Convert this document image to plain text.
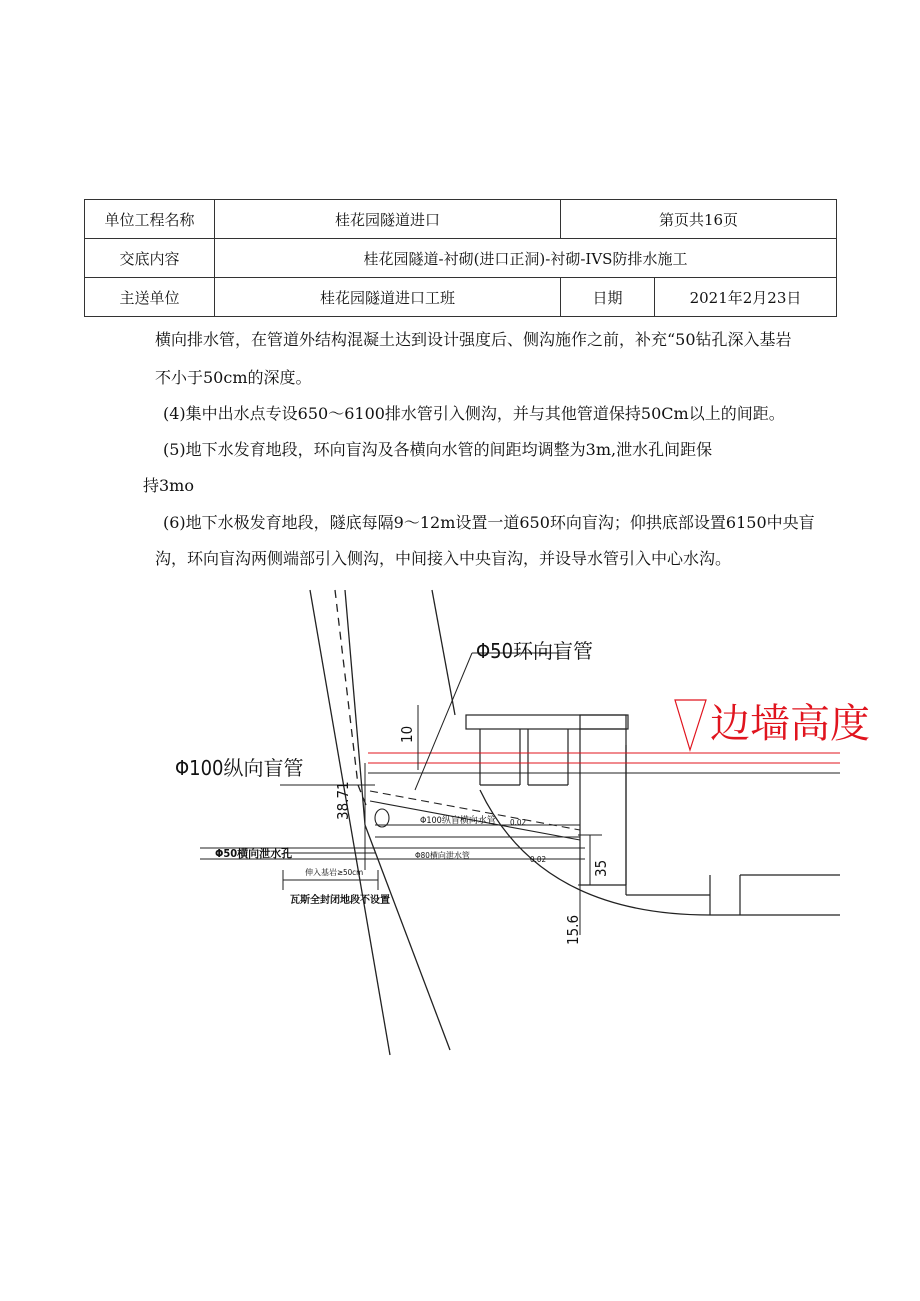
单位工程名称	桂花园隧道进口	第页共16页	
交底内容	桂花园隧道-衬砌(进口正洞)-衬砌-IVS防排水施工		
主送单位	桂花园隧道进口工班	日期	2021年2月23日

横向排水管，在管道外结构混凝土达到设计强度后、侧沟施作之前，补充“50钻孔深入基岩

不小于50cm的深度。

(4)集中出水点专设650～6100排水管引入侧沟，并与其他管道保持50Cm以上的间距。

(5)地下水发育地段，环向盲沟及各横向水管的间距均调整为3m,泄水孔间距保

持3mo

(6)地下水极发育地段，隧底每隔9～12m设置一道650环向盲沟；仰拱底部设置6150中央盲

沟，环向盲沟两侧端部引入侧沟，中间接入中央盲沟，并设导水管引入中心水沟。

Φ50环向盲管
边墙高度
Φ100纵向盲管
Φ50横向泄水孔
Φ100纵盲横向水管
Φ80横向泄水管
0.02
0.02
伸入基岩≥50cm
瓦斯全封闭地段不设置
10
38.71
35
15.6
